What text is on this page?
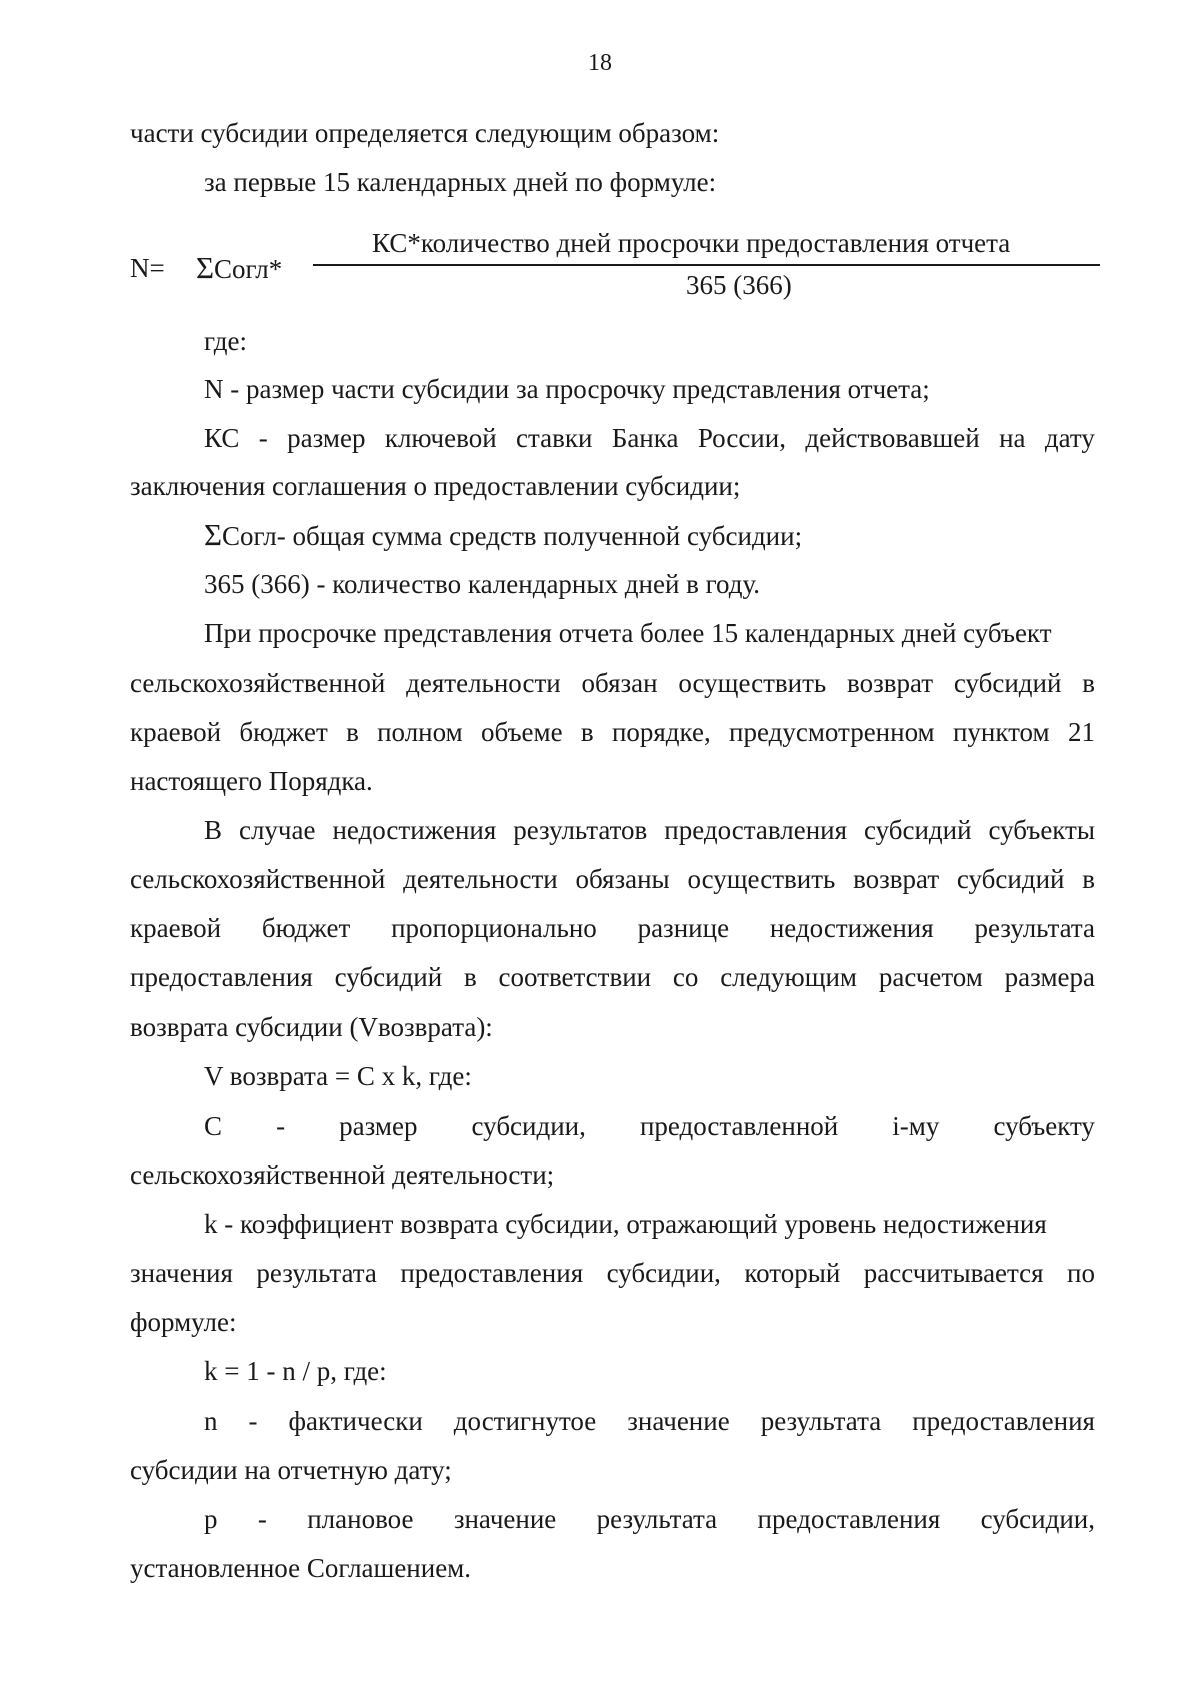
18
части субсидии определяется следующим образом:
за первые 15 календарных дней по формуле:
N= ΣСогл*
КС*количество дней просрочки предоставления отчета
365 (366)
где:
N - размер части субсидии за просрочку представления отчета;
КС - размер ключевой ставки Банка России, действовавшей на дату
заключения соглашения о предоставлении субсидии;
ΣСогл- общая сумма средств полученной субсидии;
365 (366) - количество календарных дней в году.
При просрочке представления отчета более 15 календарных дней субъект
сельскохозяйственной деятельности обязан осуществить возврат субсидий в
краевой бюджет в полном объеме в порядке, предусмотренном пунктом 21
настоящего Порядка.
В случае недостижения результатов предоставления субсидий субъекты
сельскохозяйственной деятельности обязаны осуществить возврат субсидий в
краевой бюджет пропорционально разнице недостижения результата
предоставления субсидий в соответствии со следующим расчетом размера
возврата субсидии (Vвозврата):
V возврата = C x k, где:
С - размер субсидии, предоставленной i-му субъекту
сельскохозяйственной деятельности;
k - коэффициент возврата субсидии, отражающий уровень недостижения
значения результата предоставления субсидии, который рассчитывается по
формуле:
k = 1 - n / p, где:
n - фактически достигнутое значение результата предоставления
субсидии на отчетную дату;
p - плановое значение результата предоставления субсидии,
установленное Соглашением.
